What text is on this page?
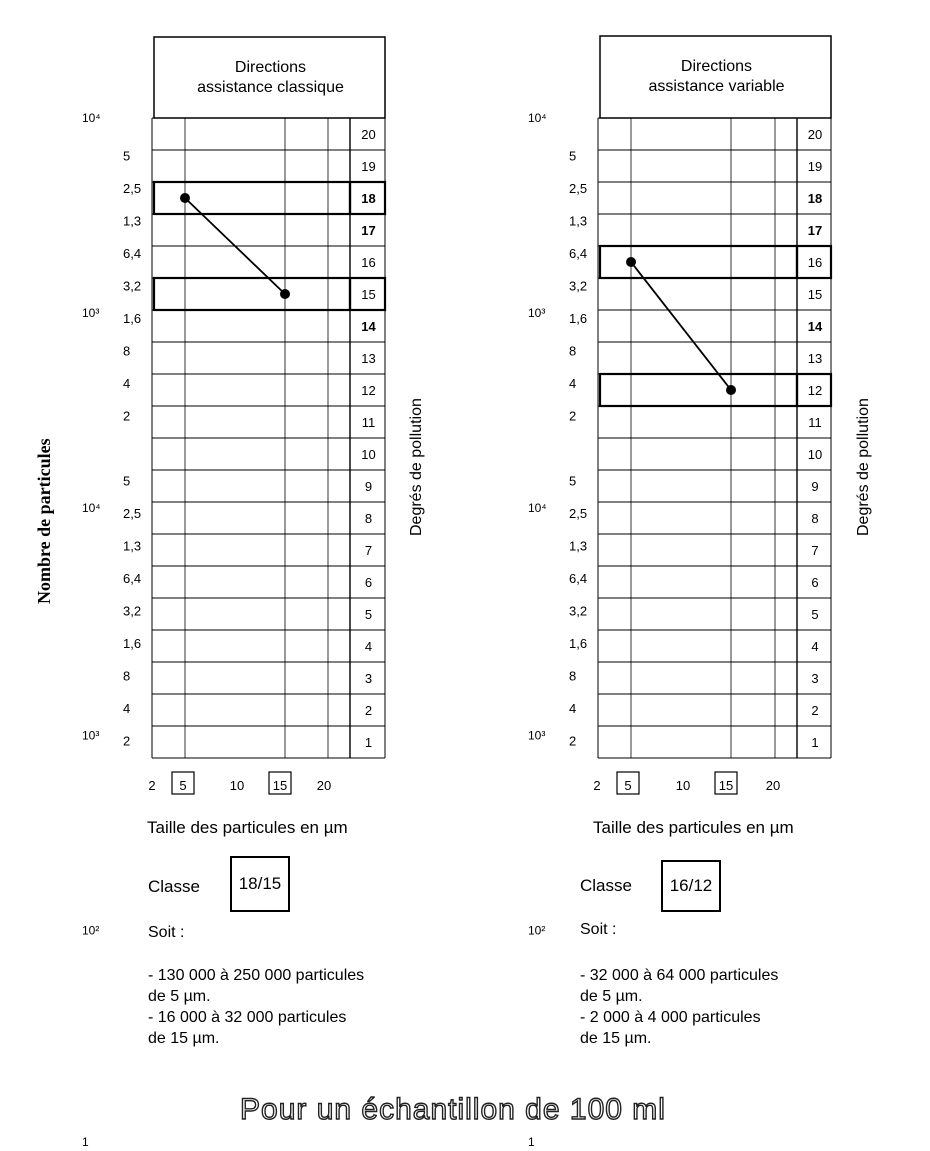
Nombre de particules
Directions
assistance classique
20
19
18
17
16
15
14
13
12
11
10
9
8
7
6
5
4
3
2
1
10⁴
10³
10⁴
10³
10²
1
5
2,5
1,3
6,4
3,2
1,6
8
4
2
5
2,5
1,3
6,4
3,2
1,6
8
4
2
2 5	10 15 20
Directions
assistance variable
20
19
18
17
16
15
14
13
12
11
10
9
8
7
6
5
4
3
2
1
10⁴
10³
10⁴
10³
10²
1
5
2,5
1,3
6,4
3,2
1,6
8
4
2
5
2,5
1,3
6,4
3,2
1,6
8
4
2
2 5	10 15	20
Degrés de pollution	Degrés de pollution
Taille des particules en µm
Classe	18/15
Soit :
- 130 000 à 250 000 particules
de 5 µm.
- 16 000 à 32 000 particules
de 15 µm.
Taille des particules en µm
Classe	16/12
Soit :
- 32 000 à 64 000 particules
de 5 µm.
- 2 000 à 4 000 particules
de 15 µm.
Pour un échantillon de 100 ml
